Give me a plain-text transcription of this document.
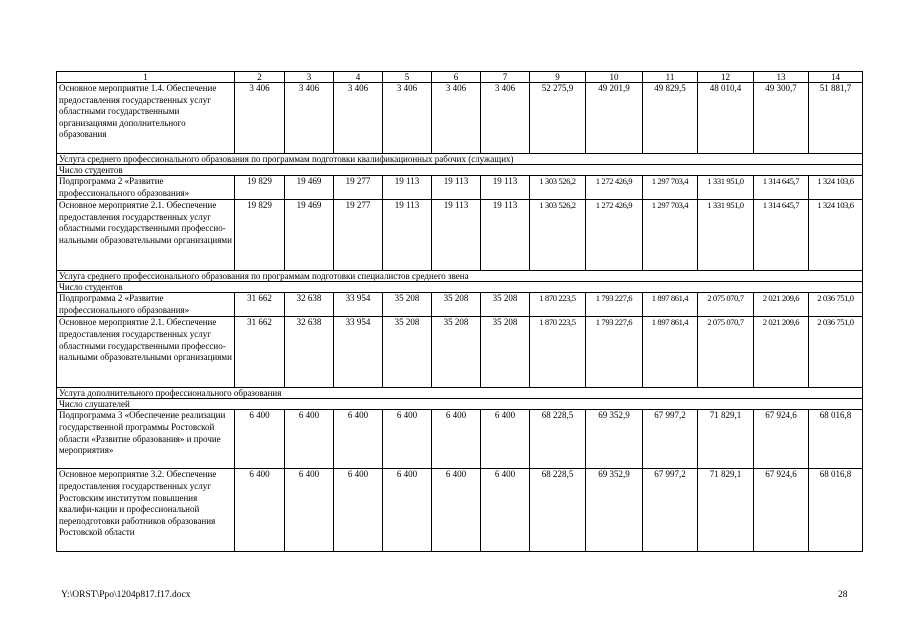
1	2	3	4	5	6	7	9	10	11	12	13	14
Основное мероприятие 1.4. Обеспечение предоставления государственных услуг областными государственными организациями дополнительного образования	3 406	3 406	3 406	3 406	3 406	3 406	52 275,9	49 201,9	49 829,5	48 010,4	49 300,7	51 881,7
Услуга среднего профессионального образования по программам подготовки квалификационных рабочих (служащих)												
Число студентов												
Подпрограмма 2 «Развитие профессионального образования»	19 829	19 469	19 277	19 113	19 113	19 113	1 303 526,2	1 272 426,9	1 297 703,4	1 331 951,0	1 314 645,7	1 324 103,6
Основное мероприятие 2.1. Обеспечение предоставления государственных услуг областными государственными профессио-нальными образовательными организациями	19 829	19 469	19 277	19 113	19 113	19 113	1 303 526,2	1 272 426,9	1 297 703,4	1 331 951,0	1 314 645,7	1 324 103,6
Услуга среднего профессионального образования по программам подготовки специалистов среднего звена												
Число студентов												
Подпрограмма 2 «Развитие профессионального образования»	31 662	32 638	33 954	35 208	35 208	35 208	1 870 223,5	1 793 227,6	1 897 861,4	2 075 070,7	2 021 209,6	2 036 751,0
Основное мероприятие 2.1. Обеспечение предоставления государственных услуг областными государственными профессио-нальными образовательными организациями	31 662	32 638	33 954	35 208	35 208	35 208	1 870 223,5	1 793 227,6	1 897 861,4	2 075 070,7	2 021 209,6	2 036 751,0
Услуга дополнительного профессионального образования												
Число слушателей												
Подпрограмма 3 «Обеспечение реализации государственной программы Ростовской области «Развитие образования» и прочие мероприятия»	6 400	6 400	6 400	6 400	6 400	6 400	68 228,5	69 352,9	67 997,2	71 829,1	67 924,6	68 016,8
Основное мероприятие 3.2. Обеспечение предоставления государственных услуг Ростовским институтом повышения квалифи-кации и профессиональной переподготовки работников образования Ростовской области	6 400	6 400	6 400	6 400	6 400	6 400	68 228,5	69 352,9	67 997,2	71 829,1	67 924,6	68 016,8
Y:\ORST\Ppo\1204p817.f17.docx	28
